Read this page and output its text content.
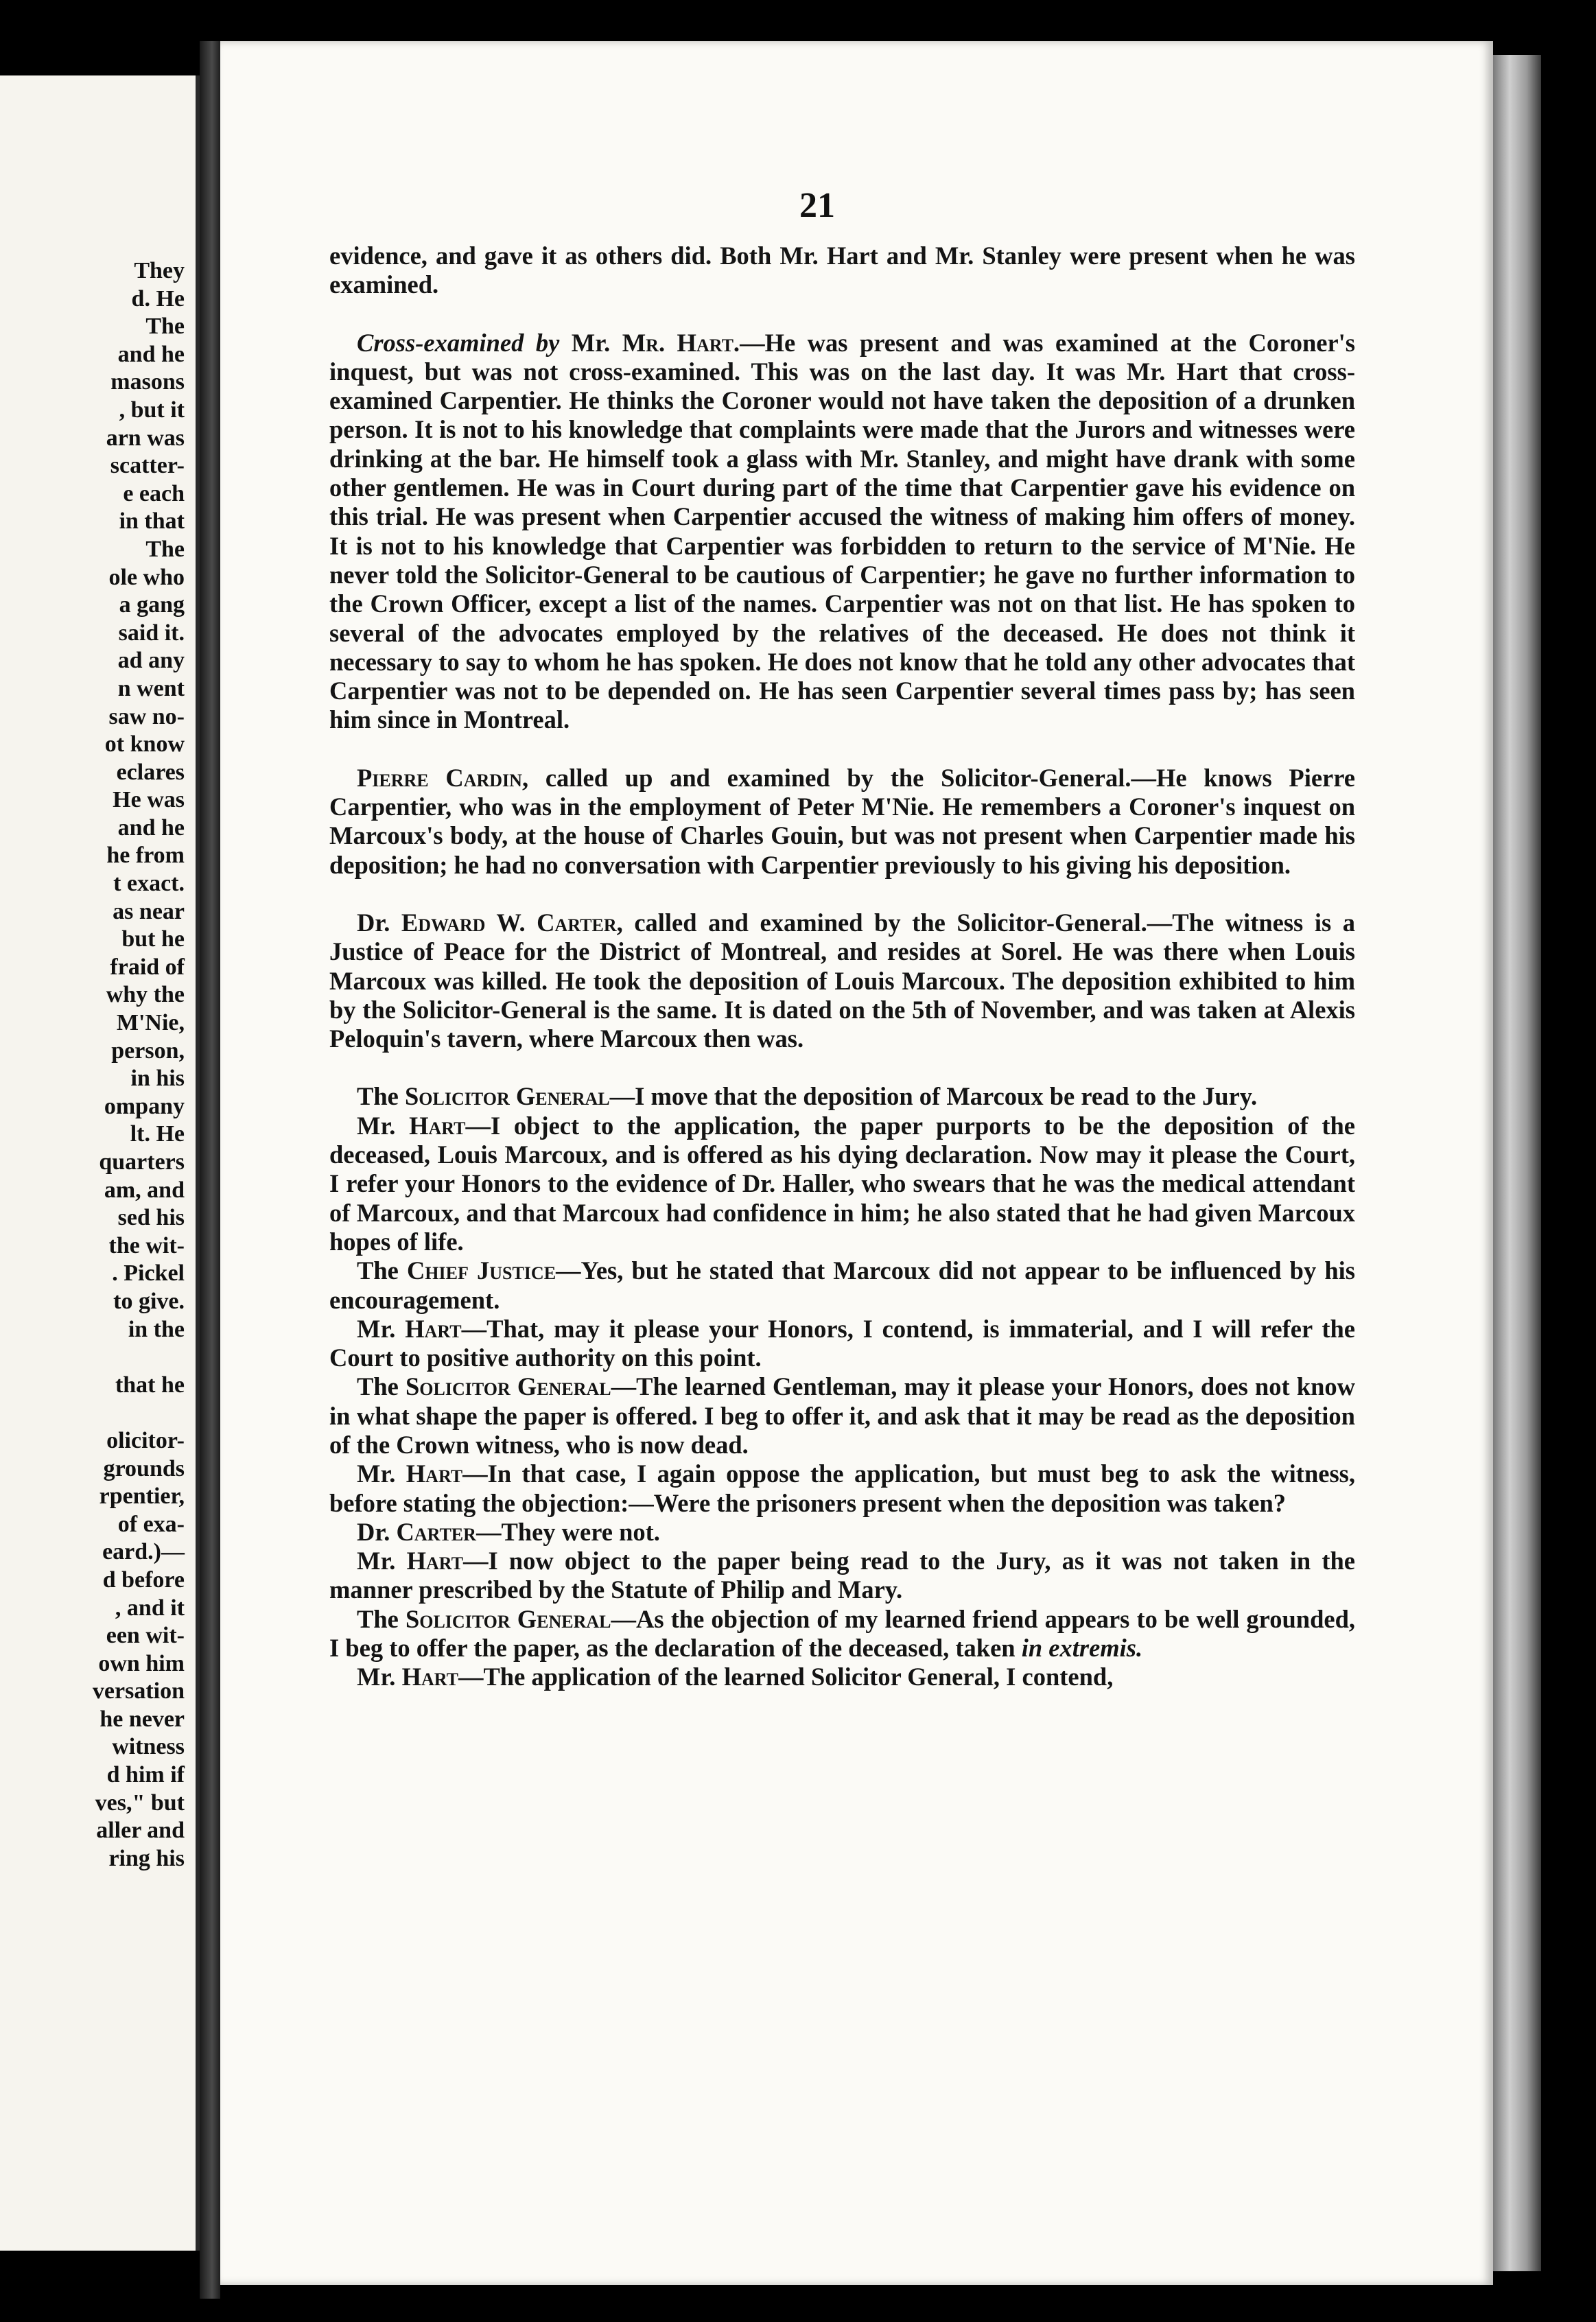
They
d. He
The
and he
masons
, but it
arn was
scatter-
e each
in that
The
ole who
a gang
said it.
ad any
n went
saw no-
ot know
eclares
He was
and he
he from
t exact.
as near
but he
fraid of
why the
M'Nie,
person,
in his
ompany
lt. He
quarters
am, and
sed his
the wit-
. Pickel
to give.
in the
that he
olicitor-
grounds
rpentier,
of exa-
eard.)—
d before
, and it
een wit-
own him
versation
he never
witness
d him if
ves," but
aller and
ring his
21

evidence, and gave it as others did. Both Mr. Hart and Mr. Stanley were present when he was examined.

Cross-examined by Mr. Mr. Hart.—He was present and was examined at the Coroner's inquest, but was not cross-examined. This was on the last day. It was Mr. Hart that cross-examined Carpentier. He thinks the Coroner would not have taken the deposition of a drunken person. It is not to his knowledge that complaints were made that the Jurors and witnesses were drinking at the bar. He himself took a glass with Mr. Stanley, and might have drank with some other gentlemen. He was in Court during part of the time that Carpentier gave his evidence on this trial. He was present when Carpentier accused the witness of making him offers of money. It is not to his knowledge that Carpentier was forbidden to return to the service of M'Nie. He never told the Solicitor-General to be cautious of Carpentier; he gave no further information to the Crown Officer, except a list of the names. Carpentier was not on that list. He has spoken to several of the advocates employed by the relatives of the deceased. He does not think it necessary to say to whom he has spoken. He does not know that he told any other advocates that Carpentier was not to be depended on. He has seen Carpentier several times pass by; has seen him since in Montreal.

Pierre Cardin, called up and examined by the Solicitor-General.—He knows Pierre Carpentier, who was in the employment of Peter M'Nie. He remembers a Coroner's inquest on Marcoux's body, at the house of Charles Gouin, but was not present when Carpentier made his deposition; he had no conversation with Carpentier previously to his giving his deposition.

Dr. Edward W. Carter, called and examined by the Solicitor-General.—The witness is a Justice of Peace for the District of Montreal, and resides at Sorel. He was there when Louis Marcoux was killed. He took the deposition of Louis Marcoux. The deposition exhibited to him by the Solicitor-General is the same. It is dated on the 5th of November, and was taken at Alexis Peloquin's tavern, where Marcoux then was.

The Solicitor General—I move that the deposition of Marcoux be read to the Jury.

Mr. Hart—I object to the application, the paper purports to be the deposition of the deceased, Louis Marcoux, and is offered as his dying declaration. Now may it please the Court, I refer your Honors to the evidence of Dr. Haller, who swears that he was the medical attendant of Marcoux, and that Marcoux had confidence in him; he also stated that he had given Marcoux hopes of life.

The Chief Justice—Yes, but he stated that Marcoux did not appear to be influenced by his encouragement.

Mr. Hart—That, may it please your Honors, I contend, is immaterial, and I will refer the Court to positive authority on this point.

The Solicitor General—The learned Gentleman, may it please your Honors, does not know in what shape the paper is offered. I beg to offer it, and ask that it may be read as the deposition of the Crown witness, who is now dead.

Mr. Hart—In that case, I again oppose the application, but must beg to ask the witness, before stating the objection:—Were the prisoners present when the deposition was taken?

Dr. Carter—They were not.

Mr. Hart—I now object to the paper being read to the Jury, as it was not taken in the manner prescribed by the Statute of Philip and Mary.

The Solicitor General—As the objection of my learned friend appears to be well grounded, I beg to offer the paper, as the declaration of the deceased, taken in extremis.

Mr. Hart—The application of the learned Solicitor General, I contend,
